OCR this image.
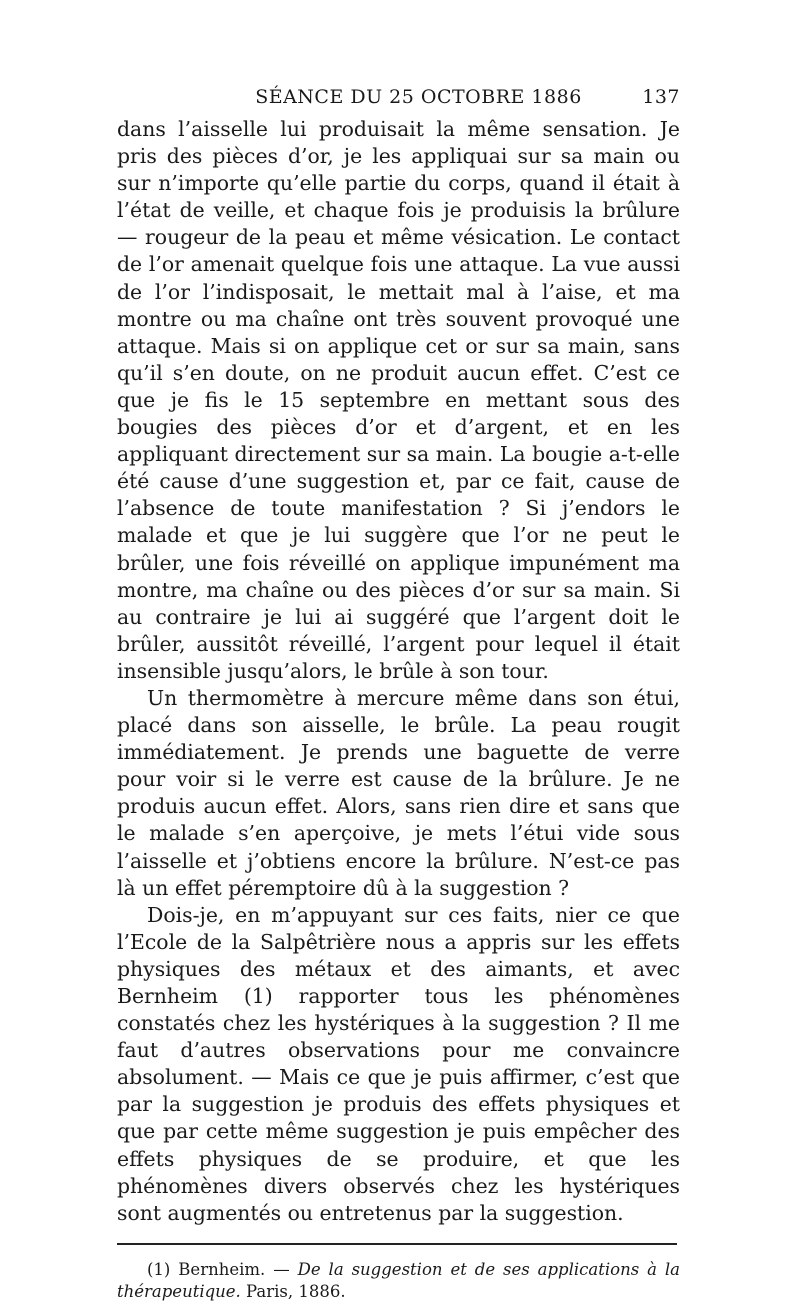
SÉANCE DU 25 OCTOBRE 1886	137

dans l’aisselle lui produisait la même sensation. Je pris des pièces d’or, je les appliquai sur sa main ou sur n’importe qu’elle partie du corps, quand il était à l’état de veille, et chaque fois je produisis la brûlure — rougeur de la peau et même vésication. Le contact de l’or amenait quelque fois une attaque. La vue aussi de l’or l’indisposait, le mettait mal à l’aise, et ma montre ou ma chaîne ont très souvent provoqué une attaque. Mais si on applique cet or sur sa main, sans qu’il s’en doute, on ne produit aucun effet. C’est ce que je fis le 15 septembre en mettant sous des bougies des pièces d’or et d’argent, et en les appliquant directement sur sa main. La bougie a-t-elle été cause d’une suggestion et, par ce fait, cause de l’absence de toute manifestation ? Si j’endors le malade et que je lui suggère que l’or ne peut le brûler, une fois réveillé on applique impunément ma montre, ma chaîne ou des pièces d’or sur sa main. Si au contraire je lui ai suggéré que l’argent doit le brûler, aussitôt réveillé, l’argent pour lequel il était insensible jusqu’alors, le brûle à son tour.

Un thermomètre à mercure même dans son étui, placé dans son aisselle, le brûle. La peau rougit immédiatement. Je prends une baguette de verre pour voir si le verre est cause de la brûlure. Je ne produis aucun effet. Alors, sans rien dire et sans que le malade s’en aperçoive, je mets l’étui vide sous l’aisselle et j’obtiens encore la brûlure. N’est-ce pas là un effet péremptoire dû à la suggestion ?

Dois-je, en m’appuyant sur ces faits, nier ce que l’Ecole de la Salpêtrière nous a appris sur les effets physiques des métaux et des aimants, et avec Bernheim (1) rapporter tous les phénomènes constatés chez les hystériques à la suggestion ? Il me faut d’autres observations pour me convaincre absolument. — Mais ce que je puis affirmer, c’est que par la suggestion je produis des effets physiques et que par cette même suggestion je puis empêcher des effets physiques de se produire, et que les phénomènes divers observés chez les hystériques sont augmentés ou entretenus par la suggestion.

(1) Bernheim. — De la suggestion et de ses applications à la thérapeutique. Paris, 1886.
